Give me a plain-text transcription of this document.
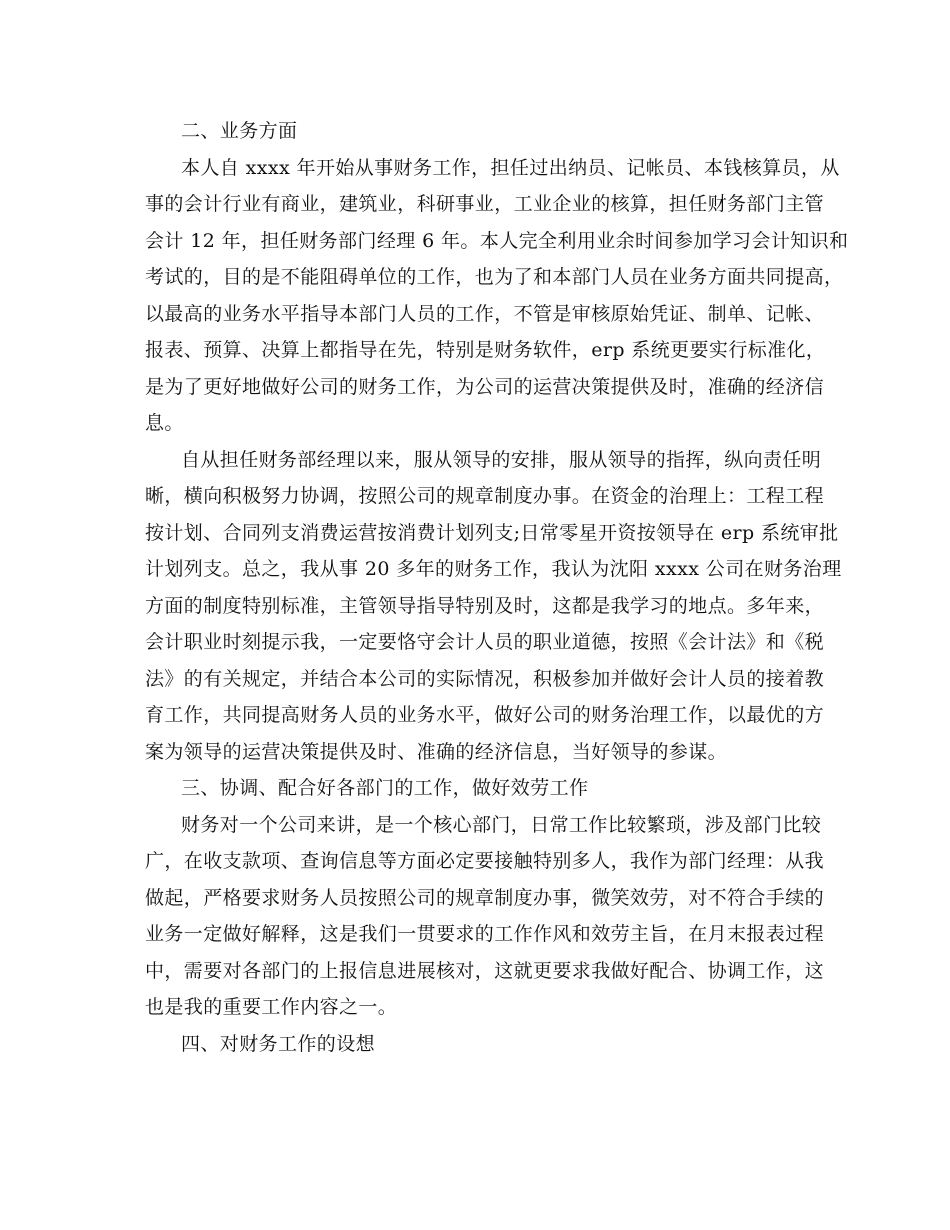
二、业务方面
本人自 xxxx 年开始从事财务工作，担任过出纳员、记帐员、本钱核算员，从
事的会计行业有商业，建筑业，科研事业，工业企业的核算，担任财务部门主管
会计 12 年，担任财务部门经理 6 年。本人完全利用业余时间参加学习会计知识和
考试的，目的是不能阻碍单位的工作，也为了和本部门人员在业务方面共同提高，
以最高的业务水平指导本部门人员的工作，不管是审核原始凭证、制单、记帐、
报表、预算、决算上都指导在先，特别是财务软件，erp 系统更要实行标准化，
是为了更好地做好公司的财务工作，为公司的运营决策提供及时，准确的经济信
息。
自从担任财务部经理以来，服从领导的安排，服从领导的指挥，纵向责任明
晰，横向积极努力协调，按照公司的规章制度办事。在资金的治理上：工程工程
按计划、合同列支消费运营按消费计划列支;日常零星开资按领导在 erp 系统审批
计划列支。总之，我从事 20 多年的财务工作，我认为沈阳 xxxx 公司在财务治理
方面的制度特别标准，主管领导指导特别及时，这都是我学习的地点。多年来，
会计职业时刻提示我，一定要恪守会计人员的职业道德，按照《会计法》和《税
法》的有关规定，并结合本公司的实际情况，积极参加并做好会计人员的接着教
育工作，共同提高财务人员的业务水平，做好公司的财务治理工作，以最优的方
案为领导的运营决策提供及时、准确的经济信息，当好领导的参谋。
三、协调、配合好各部门的工作，做好效劳工作
财务对一个公司来讲，是一个核心部门，日常工作比较繁琐，涉及部门比较
广，在收支款项、查询信息等方面必定要接触特别多人，我作为部门经理：从我
做起，严格要求财务人员按照公司的规章制度办事，微笑效劳，对不符合手续的
业务一定做好解释，这是我们一贯要求的工作作风和效劳主旨，在月末报表过程
中，需要对各部门的上报信息进展核对，这就更要求我做好配合、协调工作，这
也是我的重要工作内容之一。
四、对财务工作的设想
